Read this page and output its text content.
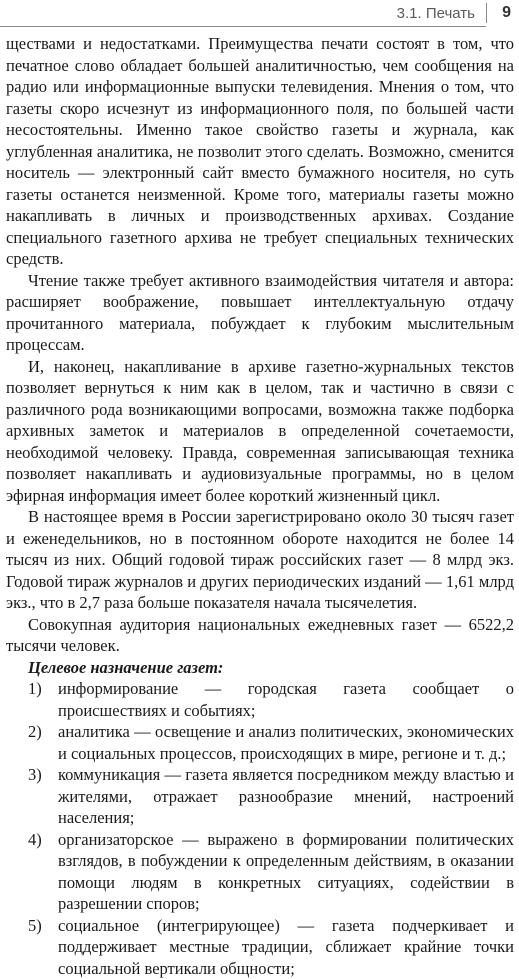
3.1. Печать 9

ществами и недостатками. Преимущества печати состоят в том, что печатное слово обладает большей аналитичностью, чем сообщения на радио или информационные выпуски телевидения. Мнения о том, что газеты скоро исчезнут из информационного поля, по большей части несостоятельны. Именно такое свойство газеты и журнала, как углубленная аналитика, не позволит этого сделать. Возможно, сменится носитель — электронный сайт вместо бумажного носителя, но суть газеты останется неизменной. Кроме того, материалы газеты можно накапливать в личных и производственных архивах. Создание специального газетного архива не требует специальных технических средств.

Чтение также требует активного взаимодействия читателя и автора: расширяет воображение, повышает интеллектуальную отдачу прочитанного материала, побуждает к глубоким мыслительным процессам.

И, наконец, накапливание в архиве газетно-журнальных текстов позволяет вернуться к ним как в целом, так и частично в связи с различного рода возникающими вопросами, возможна также подборка архивных заметок и материалов в определенной сочетаемости, необходимой человеку. Правда, современная записывающая техника позволяет накапливать и аудиовизуальные программы, но в целом эфирная информация имеет более короткий жизненный цикл.

В настоящее время в России зарегистрировано около 30 тысяч газет и еженедельников, но в постоянном обороте находится не более 14 тысяч из них. Общий годовой тираж российских газет — 8 млрд экз. Годовой тираж журналов и других периодических изданий — 1,61 млрд экз., что в 2,7 раза больше показателя начала тысячелетия.

Совокупная аудитория национальных ежедневных газет — 6522,2 тысячи человек.

Целевое назначение газет:

1) информирование — городская газета сообщает о происшествиях и событиях;
2) аналитика — освещение и анализ политических, экономических и социальных процессов, происходящих в мире, регионе и т. д.;
3) коммуникация — газета является посредником между властью и жителями, отражает разнообразие мнений, настроений населения;
4) организаторское — выражено в формировании политических взглядов, в побуждении к определенным действиям, в оказании помощи людям в конкретных ситуациях, содействии в разрешении споров;
5) социальное (интегрирующее) — газета подчеркивает и поддерживает местные традиции, сближает крайние точки социальной вертикали общности;
